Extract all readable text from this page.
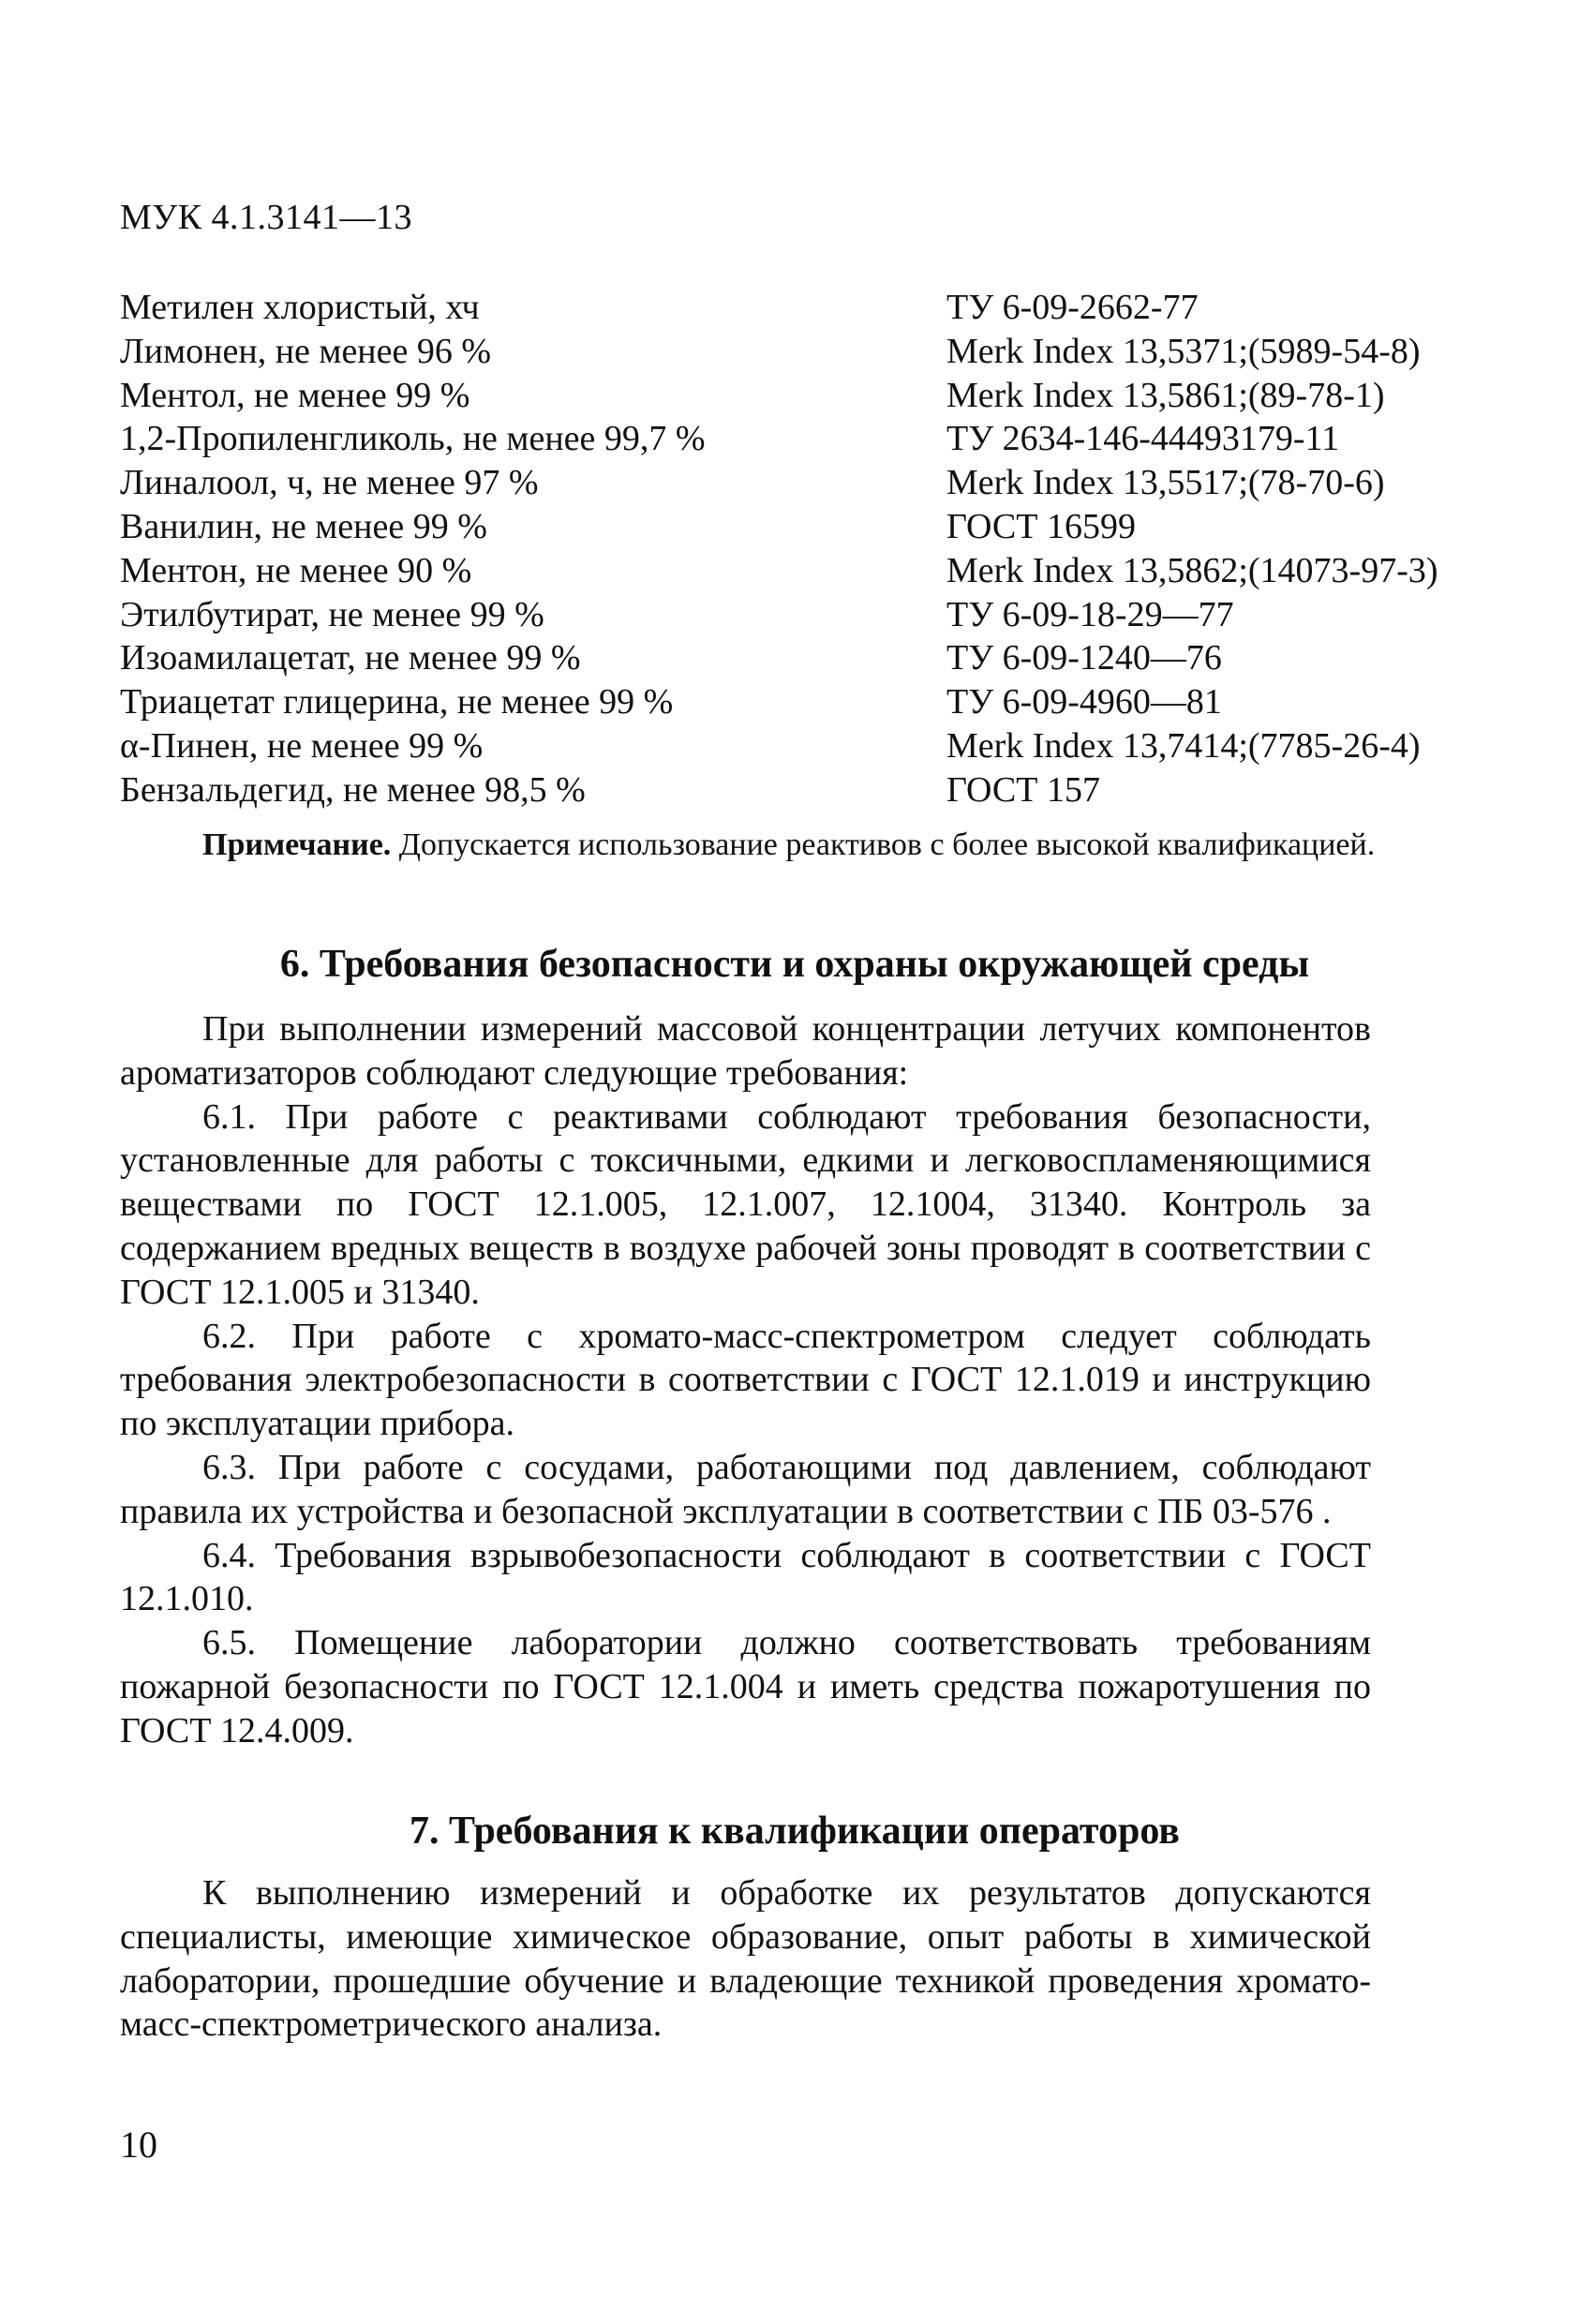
МУК 4.1.3141—13
Метилен хлористый, хч	ТУ 6-09-2662-77
Лимонен, не менее 96 %	Merk Index 13,5371;(5989-54-8)
Ментол, не менее 99 %	Merk Index 13,5861;(89-78-1)
1,2-Пропиленгликоль, не менее 99,7 %	ТУ 2634-146-44493179-11
Линалоол, ч, не менее 97 %	Merk Index 13,5517;(78-70-6)
Ванилин, не менее 99 %	ГОСТ 16599
Ментон, не менее 90 %	Merk Index 13,5862;(14073-97-3)
Этилбутират, не менее 99 %	ТУ 6-09-18-29—77
Изоамилацетат, не менее 99 %	ТУ 6-09-1240—76
Триацетат глицерина, не менее 99 %	ТУ 6-09-4960—81
α-Пинен, не менее 99 %	Merk Index 13,7414;(7785-26-4)
Бензальдегид, не менее 98,5 %	ГОСТ 157

Примечание. Допускается использование реактивов с более высокой квалификацией.

6. Требования безопасности и охраны окружающей среды

При выполнении измерений массовой концентрации летучих компонентов ароматизаторов соблюдают следующие требования:

6.1. При работе с реактивами соблюдают требования безопасности, установленные для работы с токсичными, едкими и легковоспламеняющимися веществами по ГОСТ 12.1.005, 12.1.007, 12.1004, 31340. Контроль за содержанием вредных веществ в воздухе рабочей зоны проводят в соответствии с ГОСТ 12.1.005 и 31340.

6.2. При работе с хромато-масс-спектрометром следует соблюдать требования электробезопасности в соответствии с ГОСТ 12.1.019 и инструкцию по эксплуатации прибора.

6.3. При работе с сосудами, работающими под давлением, соблюдают правила их устройства и безопасной эксплуатации в соответствии с ПБ 03-576 .

6.4. Требования взрывобезопасности соблюдают в соответствии с ГОСТ 12.1.010.

6.5. Помещение лаборатории должно соответствовать требованиям пожарной безопасности по ГОСТ 12.1.004 и иметь средства пожаротушения по ГОСТ 12.4.009.

7. Требования к квалификации операторов

К выполнению измерений и обработке их результатов допускаются специалисты, имеющие химическое образование, опыт работы в химической лаборатории, прошедшие обучение и владеющие техникой проведения хромато-масс-спектрометрического анализа.

10
